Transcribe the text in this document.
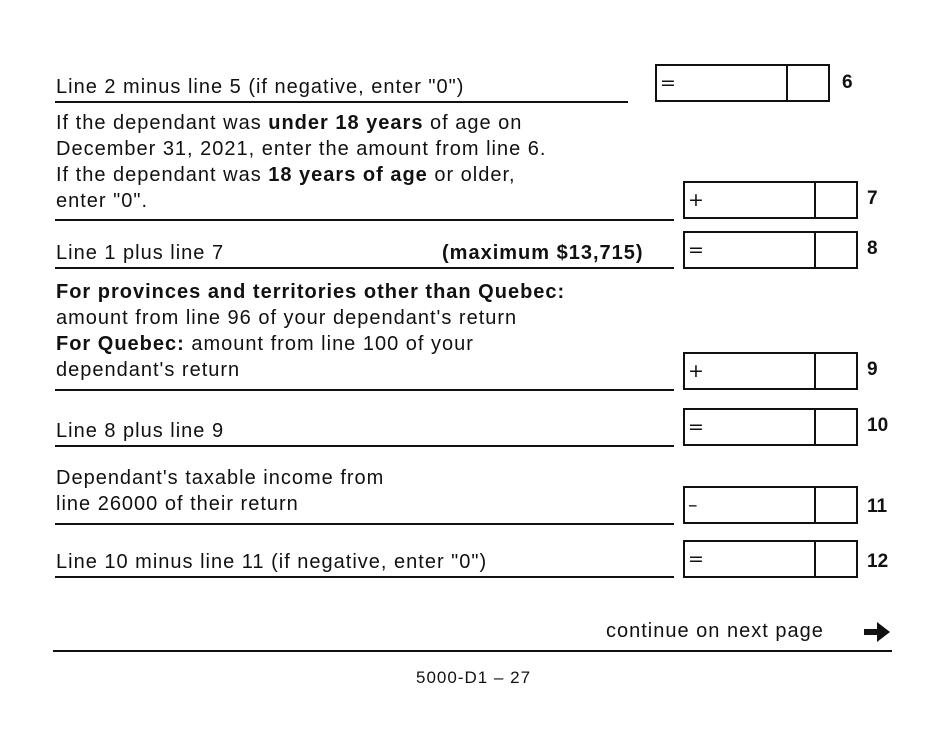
Line 2 minus line 5 (if negative, enter "0")	=	6
If the dependant was under 18 years of age on
December 31, 2021, enter the amount from line 6.
If the dependant was 18 years of age or older,
enter "0".	+	7
Line 1 plus line 7	(maximum $13,715) =	8
For provinces and territories other than Quebec:
amount from line 96 of your dependant's return
For Quebec: amount from line 100 of your
dependant's return	+	9
Line 8 plus line 9	=	10
Dependant's taxable income from
line 26000 of their return	–	11
Line 10 minus line 11 (if negative, enter "0")	=	12
continue on next page
5000-D1 – 27
